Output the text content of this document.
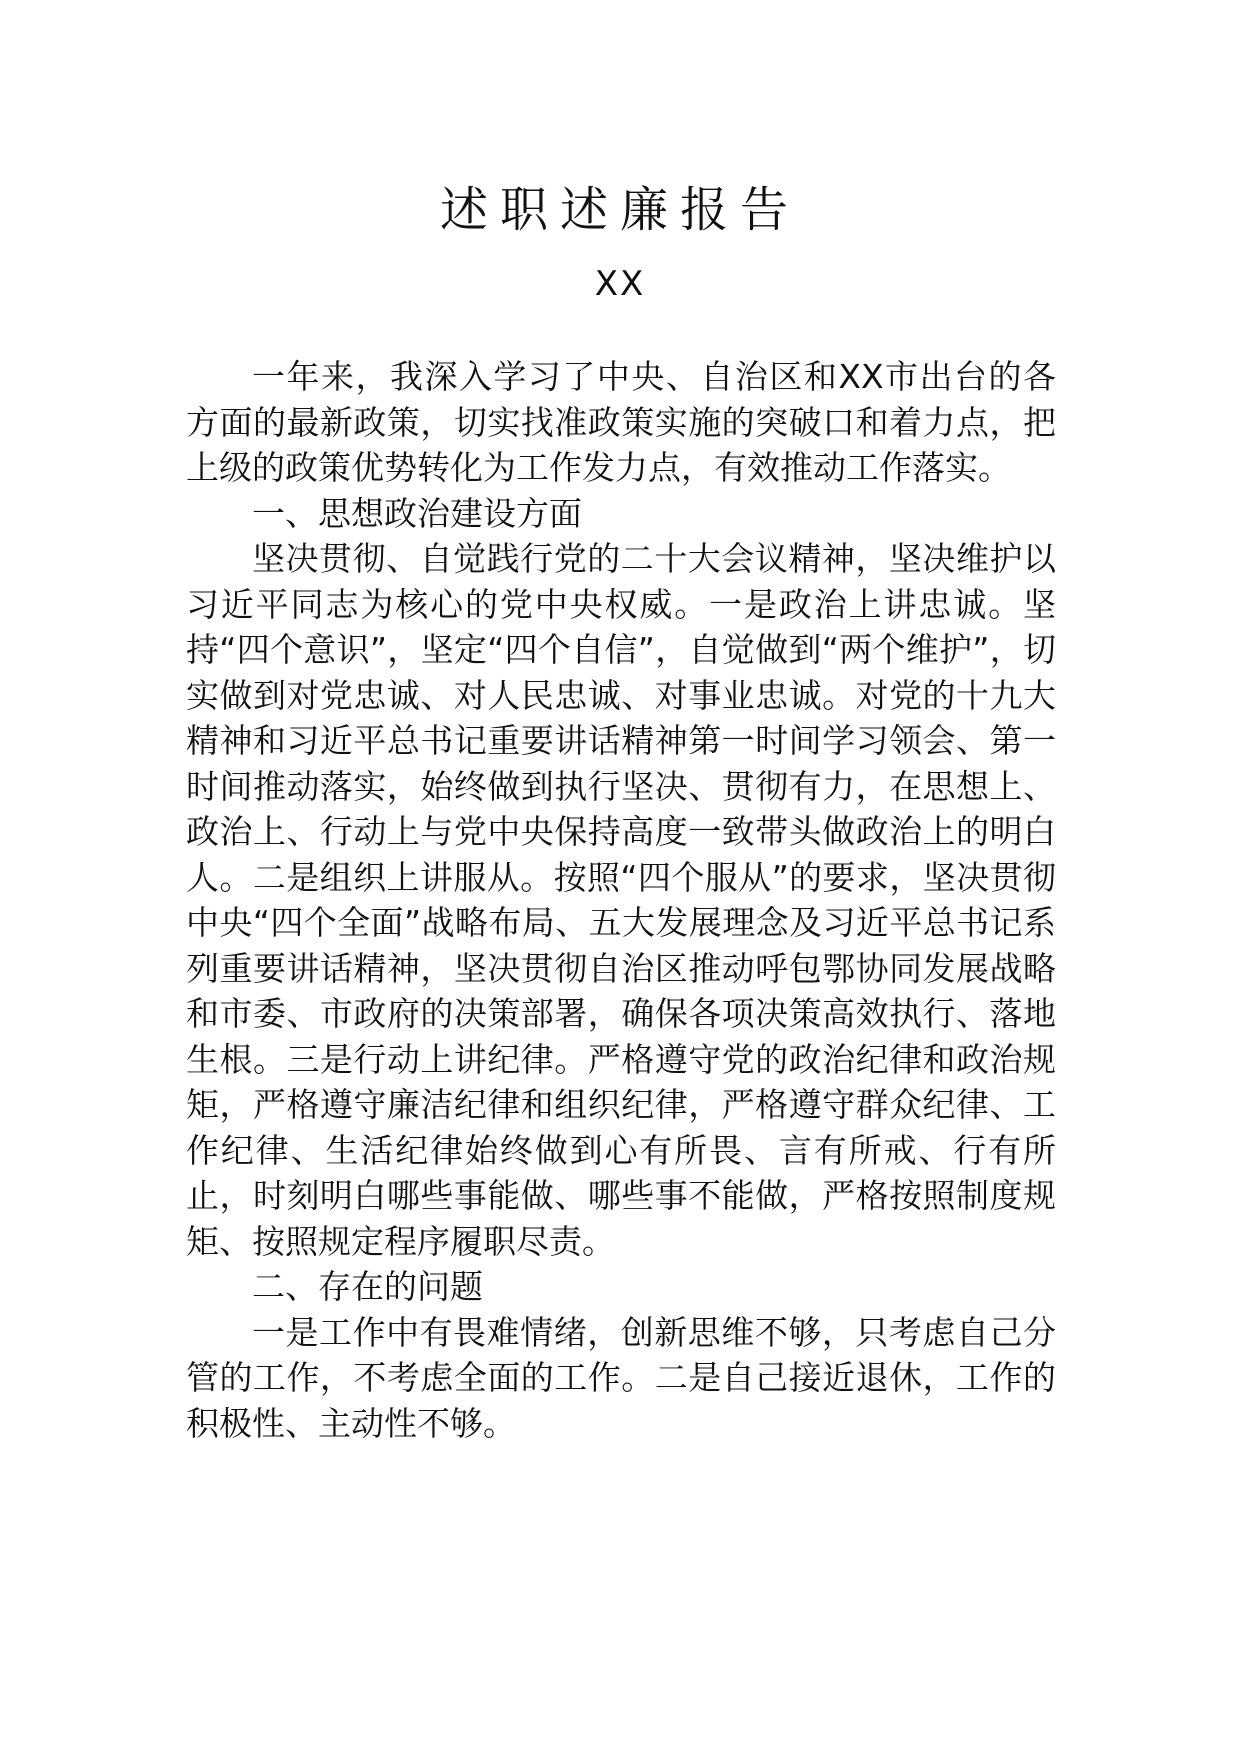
述职述廉报告
XX

一年来，我深入学习了中央、自治区和XX市出台的各方面的最新政策，切实找准政策实施的突破口和着力点，把上级的政策优势转化为工作发力点，有效推动工作落实。

一、思想政治建设方面

坚决贯彻、自觉践行党的二十大会议精神，坚决维护以习近平同志为核心的党中央权威。一是政治上讲忠诚。坚持“四个意识”，坚定“四个自信”，自觉做到“两个维护”，切实做到对党忠诚、对人民忠诚、对事业忠诚。对党的十九大精神和习近平总书记重要讲话精神第一时间学习领会、第一时间推动落实，始终做到执行坚决、贯彻有力，在思想上、政治上、行动上与党中央保持高度一致带头做政治上的明白人。二是组织上讲服从。按照“四个服从”的要求，坚决贯彻中央“四个全面”战略布局、五大发展理念及习近平总书记系列重要讲话精神，坚决贯彻自治区推动呼包鄂协同发展战略和市委、市政府的决策部署，确保各项决策高效执行、落地生根。三是行动上讲纪律。严格遵守党的政治纪律和政治规矩，严格遵守廉洁纪律和组织纪律，严格遵守群众纪律、工作纪律、生活纪律始终做到心有所畏、言有所戒、行有所止，时刻明白哪些事能做、哪些事不能做，严格按照制度规矩、按照规定程序履职尽责。

二、存在的问题

一是工作中有畏难情绪，创新思维不够，只考虑自己分管的工作，不考虑全面的工作。二是自己接近退休，工作的积极性、主动性不够。
